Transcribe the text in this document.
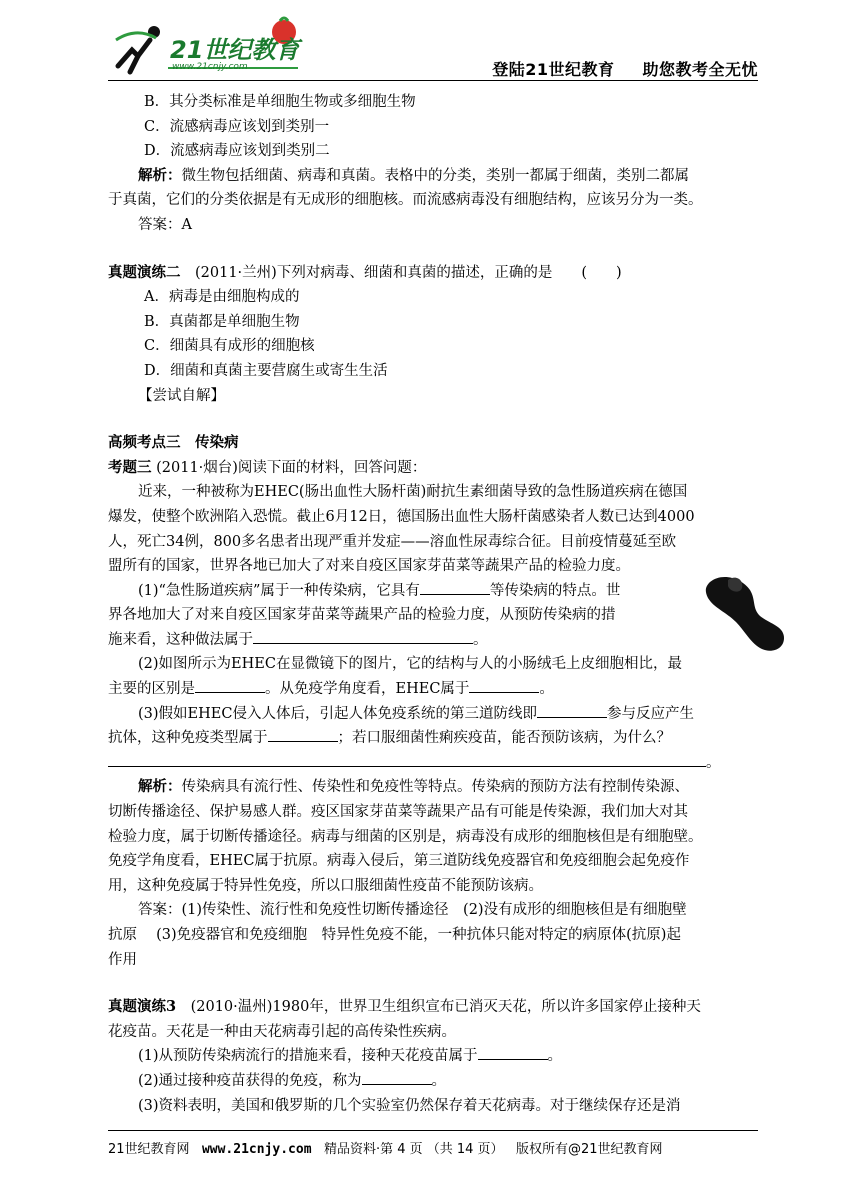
21世纪教育
www.21cnjy.com	登陆21世纪教育 助您教考全无忧
B．其分类标准是单细胞生物或多细胞生物
C．流感病毒应该划到类别一
D．流感病毒应该划到类别二
解析：微生物包括细菌、病毒和真菌。表格中的分类，类别一都属于细菌，类别二都属
于真菌，它们的分类依据是有无成形的细胞核。而流感病毒没有细胞结构，应该另分为一类。
答案：A
真题演练二　 (2011·兰州)下列对病毒、细菌和真菌的描述，正确的是　　(　　)
A．病毒是由细胞构成的
B．真菌都是单细胞生物
C．细菌具有成形的细胞核
D．细菌和真菌主要营腐生或寄生生活
【尝试自解】
高频考点三　传染病
考题三 (2011·烟台)阅读下面的材料，回答问题：
近来，一种被称为EHEC(肠出血性大肠杆菌)耐抗生素细菌导致的急性肠道疾病在德国
爆发，使整个欧洲陷入恐慌。截止6月12日，德国肠出血性大肠杆菌感染者人数已达到4000
人，死亡34例，800多名患者出现严重并发症——溶血性尿毒综合征。目前疫情蔓延至欧
盟所有的国家，世界各地已加大了对来自疫区国家芽苗菜等蔬果产品的检验力度。
(1)“急性肠道疾病”属于一种传染病，它具有	等传染病的特点。世
界各地加大了对来自疫区国家芽苗菜等蔬果产品的检验力度，从预防传染病的措
施来看，这种做法属于	。
(2)如图所示为EHEC在显微镜下的图片，它的结构与人的小肠绒毛上皮细胞相比，最
主要的区别是	。从免疫学角度看，EHEC属于	。
(3)假如EHEC侵入人体后，引起人体免疫系统的第三道防线即	参与反应产生
抗体，这种免疫类型属于	；若口服细菌性痢疾疫苗，能否预防该病，为什么？
。
解析：传染病具有流行性、传染性和免疫性等特点。传染病的预防方法有控制传染源、
切断传播途径、保护易感人群。疫区国家芽苗菜等蔬果产品有可能是传染源，我们加大对其
检验力度，属于切断传播途径。病毒与细菌的区别是，病毒没有成形的细胞核但是有细胞壁。
免疫学角度看，EHEC属于抗原。病毒入侵后，第三道防线免疫器官和免疫细胞会起免疫作
用，这种免疫属于特异性免疫，所以口服细菌性疫苗不能预防该病。
答案：(1)传染性、流行性和免疫性切断传播途径　(2)没有成形的细胞核但是有细胞壁
抗原　 (3)免疫器官和免疫细胞　特异性免疫不能，一种抗体只能对特定的病原体(抗原)起
作用
真题演练3　 (2010·温州)1980年，世界卫生组织宣布已消灭天花，所以许多国家停止接种天
花疫苗。天花是一种由天花病毒引起的高传染性疾病。
(1)从预防传染病流行的措施来看，接种天花疫苗属于	。
(2)通过接种疫苗获得的免疫，称为	。
(3)资料表明，美国和俄罗斯的几个实验室仍然保存着天花病毒。对于继续保存还是消
21世纪教育网 www.21cnjy.com 精品资料·第 4 页 （共 14 页） 版权所有@21世纪教育网
